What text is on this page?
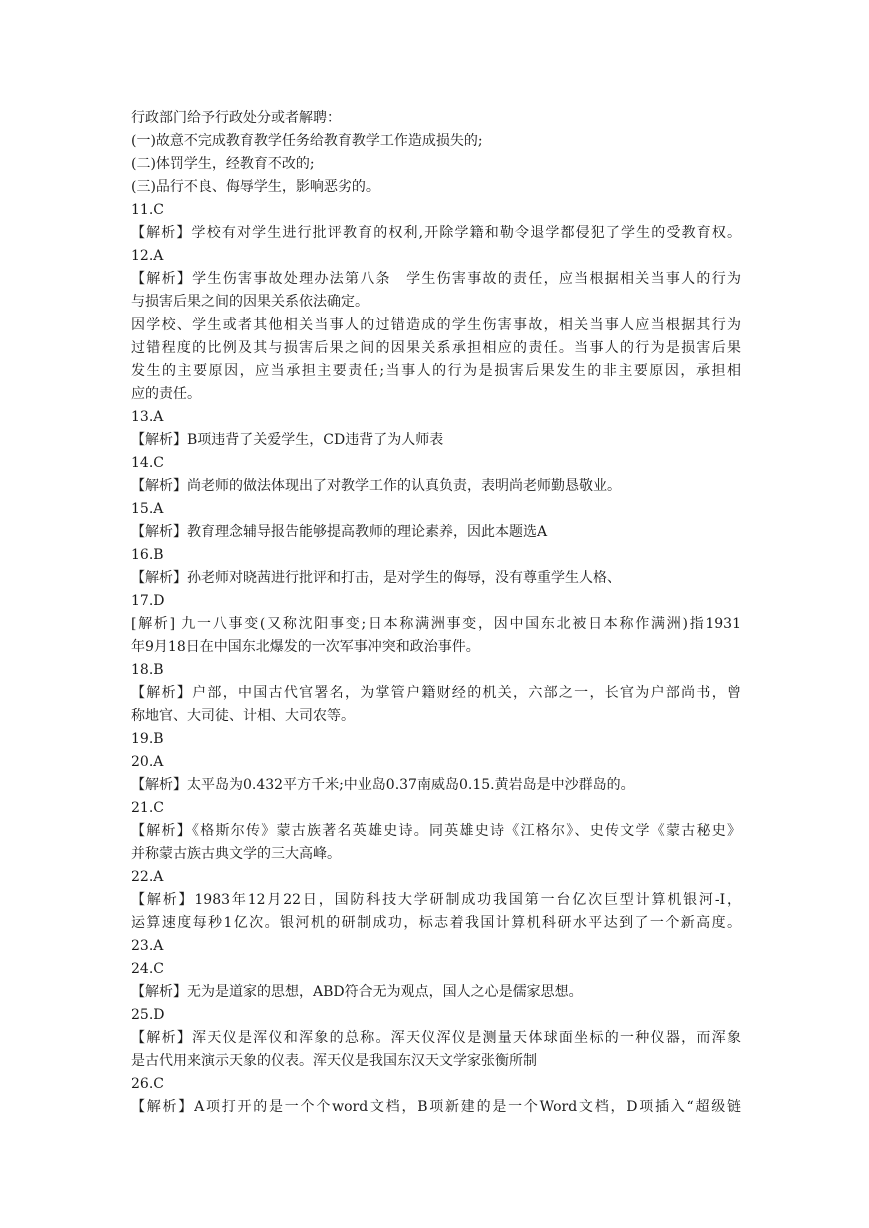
行政部门给予行政处分或者解聘：
(一)故意不完成教育教学任务给教育教学工作造成损失的;
(二)体罚学生，经教育不改的;
(三)品行不良、侮辱学生，影响恶劣的。
11.C
【解析】学校有对学生进行批评教育的权利,开除学籍和勒令退学都侵犯了学生的受教育权。
12.A
【解析】学生伤害事故处理办法第八条　学生伤害事故的责任，应当根据相关当事人的行为
与损害后果之间的因果关系依法确定。
因学校、学生或者其他相关当事人的过错造成的学生伤害事故，相关当事人应当根据其行为
过错程度的比例及其与损害后果之间的因果关系承担相应的责任。当事人的行为是损害后果
发生的主要原因，应当承担主要责任;当事人的行为是损害后果发生的非主要原因，承担相
应的责任。
13.A
【解析】B项违背了关爱学生，CD违背了为人师表
14.C
【解析】尚老师的做法体现出了对教学工作的认真负责，表明尚老师勤恳敬业。
15.A
【解析】教育理念辅导报告能够提高教师的理论素养，因此本题选A
16.B
【解析】孙老师对晓茜进行批评和打击，是对学生的侮辱，没有尊重学生人格、
17.D
[解析] 九一八事变(又称沈阳事变;日本称满洲事变，因中国东北被日本称作满洲)指1931
年9月18日在中国东北爆发的一次军事冲突和政治事件。
18.B
【解析】户部，中国古代官署名，为掌管户籍财经的机关，六部之一，长官为户部尚书，曾
称地官、大司徒、计相、大司农等。
19.B
20.A
【解析】太平岛为0.432平方千米;中业岛0.37南威岛0.15.黄岩岛是中沙群岛的。
21.C
【解析】《格斯尔传》蒙古族著名英雄史诗。同英雄史诗《江格尔》、史传文学《蒙古秘史》
并称蒙古族古典文学的三大高峰。
22.A
【解析】1983年12月22日，国防科技大学研制成功我国第一台亿次巨型计算机银河-I，
运算速度每秒1亿次。银河机的研制成功，标志着我国计算机科研水平达到了一个新高度。
23.A
24.C
【解析】无为是道家的思想，ABD符合无为观点，国人之心是儒家思想。
25.D
【解析】浑天仪是浑仪和浑象的总称。浑天仪浑仪是测量天体球面坐标的一种仪器，而浑象
是古代用来演示天象的仪表。浑天仪是我国东汉天文学家张衡所制
26.C
【解析】A项打开的是一个个word文档，B项新建的是一个Word文档，D项插入“超级链
